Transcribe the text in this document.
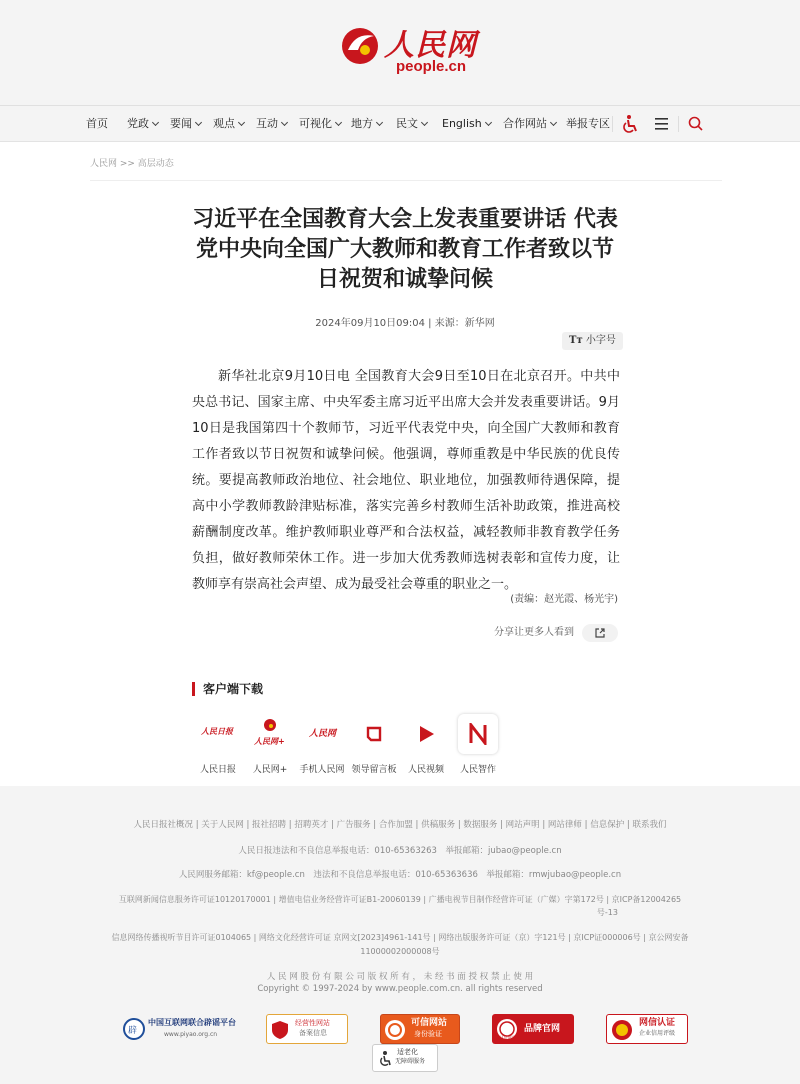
人民网
people.cn
首页 党政	要闻	观点	互动	可视化	地方	民文	English	合作网站	举报专区
人民网 >> 高层动态
习近平在全国教育大会上发表重要讲话 代表党中央向全国广大教师和教育工作者致以节日祝贺和诚挚问候
2024年09月10日09:04 | 来源：新华网
Tт 小字号

新华社北京9月10日电 全国教育大会9日至10日在北京召开。中共中央总书记、国家主席、中央军委主席习近平出席大会并发表重要讲话。9月10日是我国第四十个教师节，习近平代表党中央，向全国广大教师和教育工作者致以节日祝贺和诚挚问候。他强调，尊师重教是中华民族的优良传统。要提高教师政治地位、社会地位、职业地位，加强教师待遇保障，提高中小学教师教龄津贴标准，落实完善乡村教师生活补助政策，推进高校薪酬制度改革。维护教师职业尊严和合法权益，减轻教师非教育教学任务负担，做好教师荣休工作。进一步加大优秀教师选树表彰和宣传力度，让教师享有崇高社会声望、成为最受社会尊重的职业之一。

(责编：赵光霞、杨光宇)
分享让更多人看到
客户端下载
人民日报
人民日报
人民网+
人民网+
人民网
手机人民网 领导留言板	人民视频	人民智作
人民日报社概况 | 关于人民网 | 报社招聘 | 招聘英才 | 广告服务 | 合作加盟 | 供稿服务 | 数据服务 | 网站声明 | 网站律师 | 信息保护 | 联系我们
人民日报违法和不良信息举报电话：010-65363263　举报邮箱：jubao@people.cn
人民网服务邮箱：kf@people.cn　违法和不良信息举报电话：010-65363636　举报邮箱：rmwjubao@people.cn
互联网新闻信息服务许可证10120170001 | 增值电信业务经营许可证B1-20060139 | 广播电视节目制作经营许可证（广媒）字第172号 | 京ICP备12004265
号-13
信息网络传播视听节目许可证0104065 | 网络文化经营许可证 京网文[2023]4961-141号 | 网络出版服务许可证（京）字121号 | 京ICP证000006号 | 京公网安备
11000002000008号
人 民 网 股 份 有 限 公 司 版 权 所 有 ， 未 经 书 面 授 权 禁 止 使 用
Copyright © 1997-2024 by www.people.com.cn. all rights reserved
辟
中国互联网联合辟谣平台
www.piyao.org.cn
经营性网站
备案信息
可信网站
身份验证	品牌官网
认证联盟
网信认证
企业信用评级
适老化
无障碍服务
